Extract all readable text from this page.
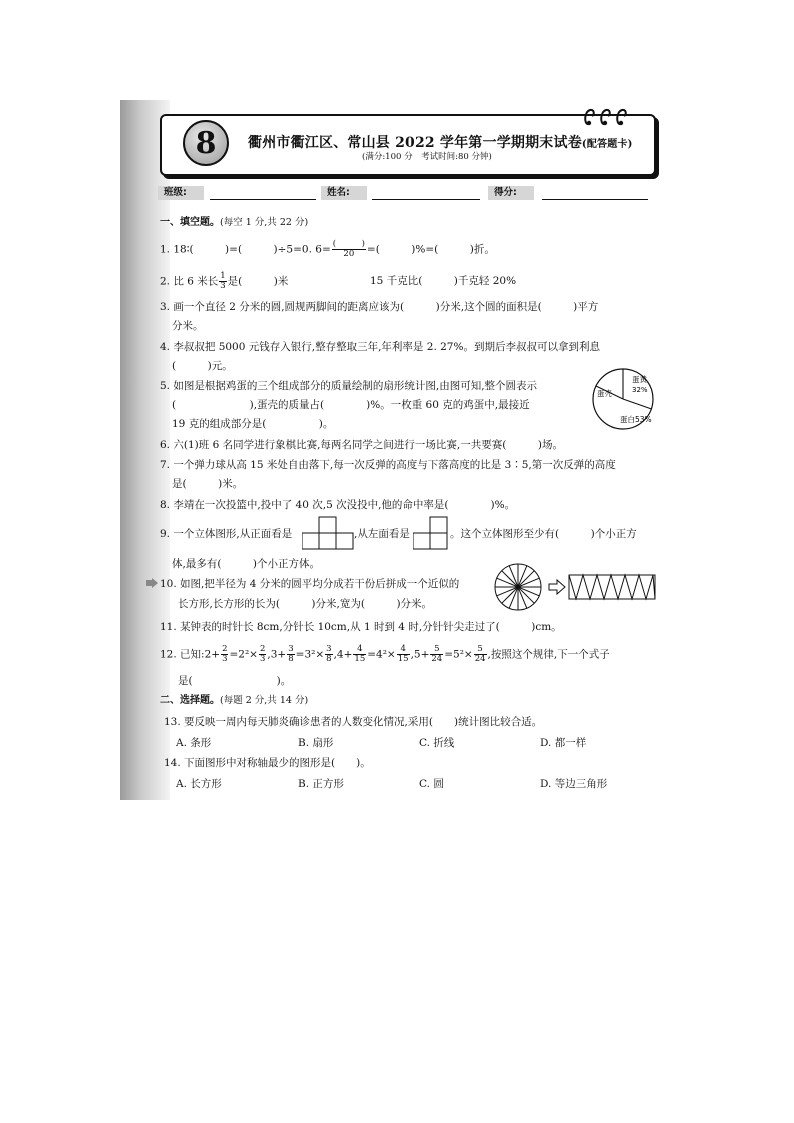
8	衢州市衢江区、常山县 2022 学年第一学期期末试卷(配答题卡)
(满分:100 分　考试时间:80 分钟)
班级:	姓名:	得分:
一、填空题。(每空 1 分,共 22 分)
1. 18∶(　　　)=(　　　)÷5=0. $6= \frac{( )}{20}$ =(　　　)%=(　　　)折。
2. 比 6 米长 $\frac{1}{3}$ 是(　　　)米	15 千克比(　　　)千克轻 20%
3. 画一个直径 2 分米的圆,圆规两脚间的距离应该为(　　　)分米,这个圆的面积是(　　　)平方
分米。
4. 李叔叔把 5000 元钱存入银行,整存整取三年,年利率是 2. 27%。到期后李叔叔可以拿到利息
(　　　)元。
5. 如图是根据鸡蛋的三个组成部分的质量绘制的扇形统计图,由图可知,整个圆表示
(　　　　　　　),蛋壳的质量占(　　　　)%。一枚重 60 克的鸡蛋中,最接近
19 克的组成部分是(　　　　　)。
蛋黄
32%
蛋壳
蛋白53%
6. 六(1)班 6 名同学进行象棋比赛,每两名同学之间进行一场比赛,一共要赛(　　　)场。
7. 一个弹力球从高 15 米处自由落下,每一次反弹的高度与下落高度的比是 3∶5,第一次反弹的高度
是(　　　)米。
8. 李靖在一次投篮中,投中了 40 次,5 次没投中,他的命中率是(　　　　)%。
9. 一个立体图形,从正面看是	,从左面看是	。这个立体图形至少有(　　　)个小正方
体,最多有(　　　)个小正方体。
10. 如图,把半径为 4 分米的圆平均分成若干份后拼成一个近似的
长方形,长方形的长为(　　　)分米,宽为(　　　)分米。
11. 某钟表的时针长 8cm,分针长 10cm,从 1 时到 4 时,分针针尖走过了(　　　)cm。
12. 已知:2+ $\frac{2}{3} =2^2\times \frac{2}{3} ,3+ \frac{3}{8} =3^2\times \frac{3}{8} ,4+ \frac{4}{15} =4^2\times \frac{4}{15} ,5+ \frac{5}{24} =5^2\times \frac{5}{24}$ ,按照这个规律,下一个式子
是(　　　　　　　　)。
二、选择题。(每题 2 分,共 14 分)
13. 要反映一周内每天肺炎确诊患者的人数变化情况,采用(　　)统计图比较合适。
A. 条形	B. 扇形	C. 折线	D. 都一样
14. 下面图形中对称轴最少的图形是(　　)。
A. 长方形	B. 正方形	C. 圆	D. 等边三角形
